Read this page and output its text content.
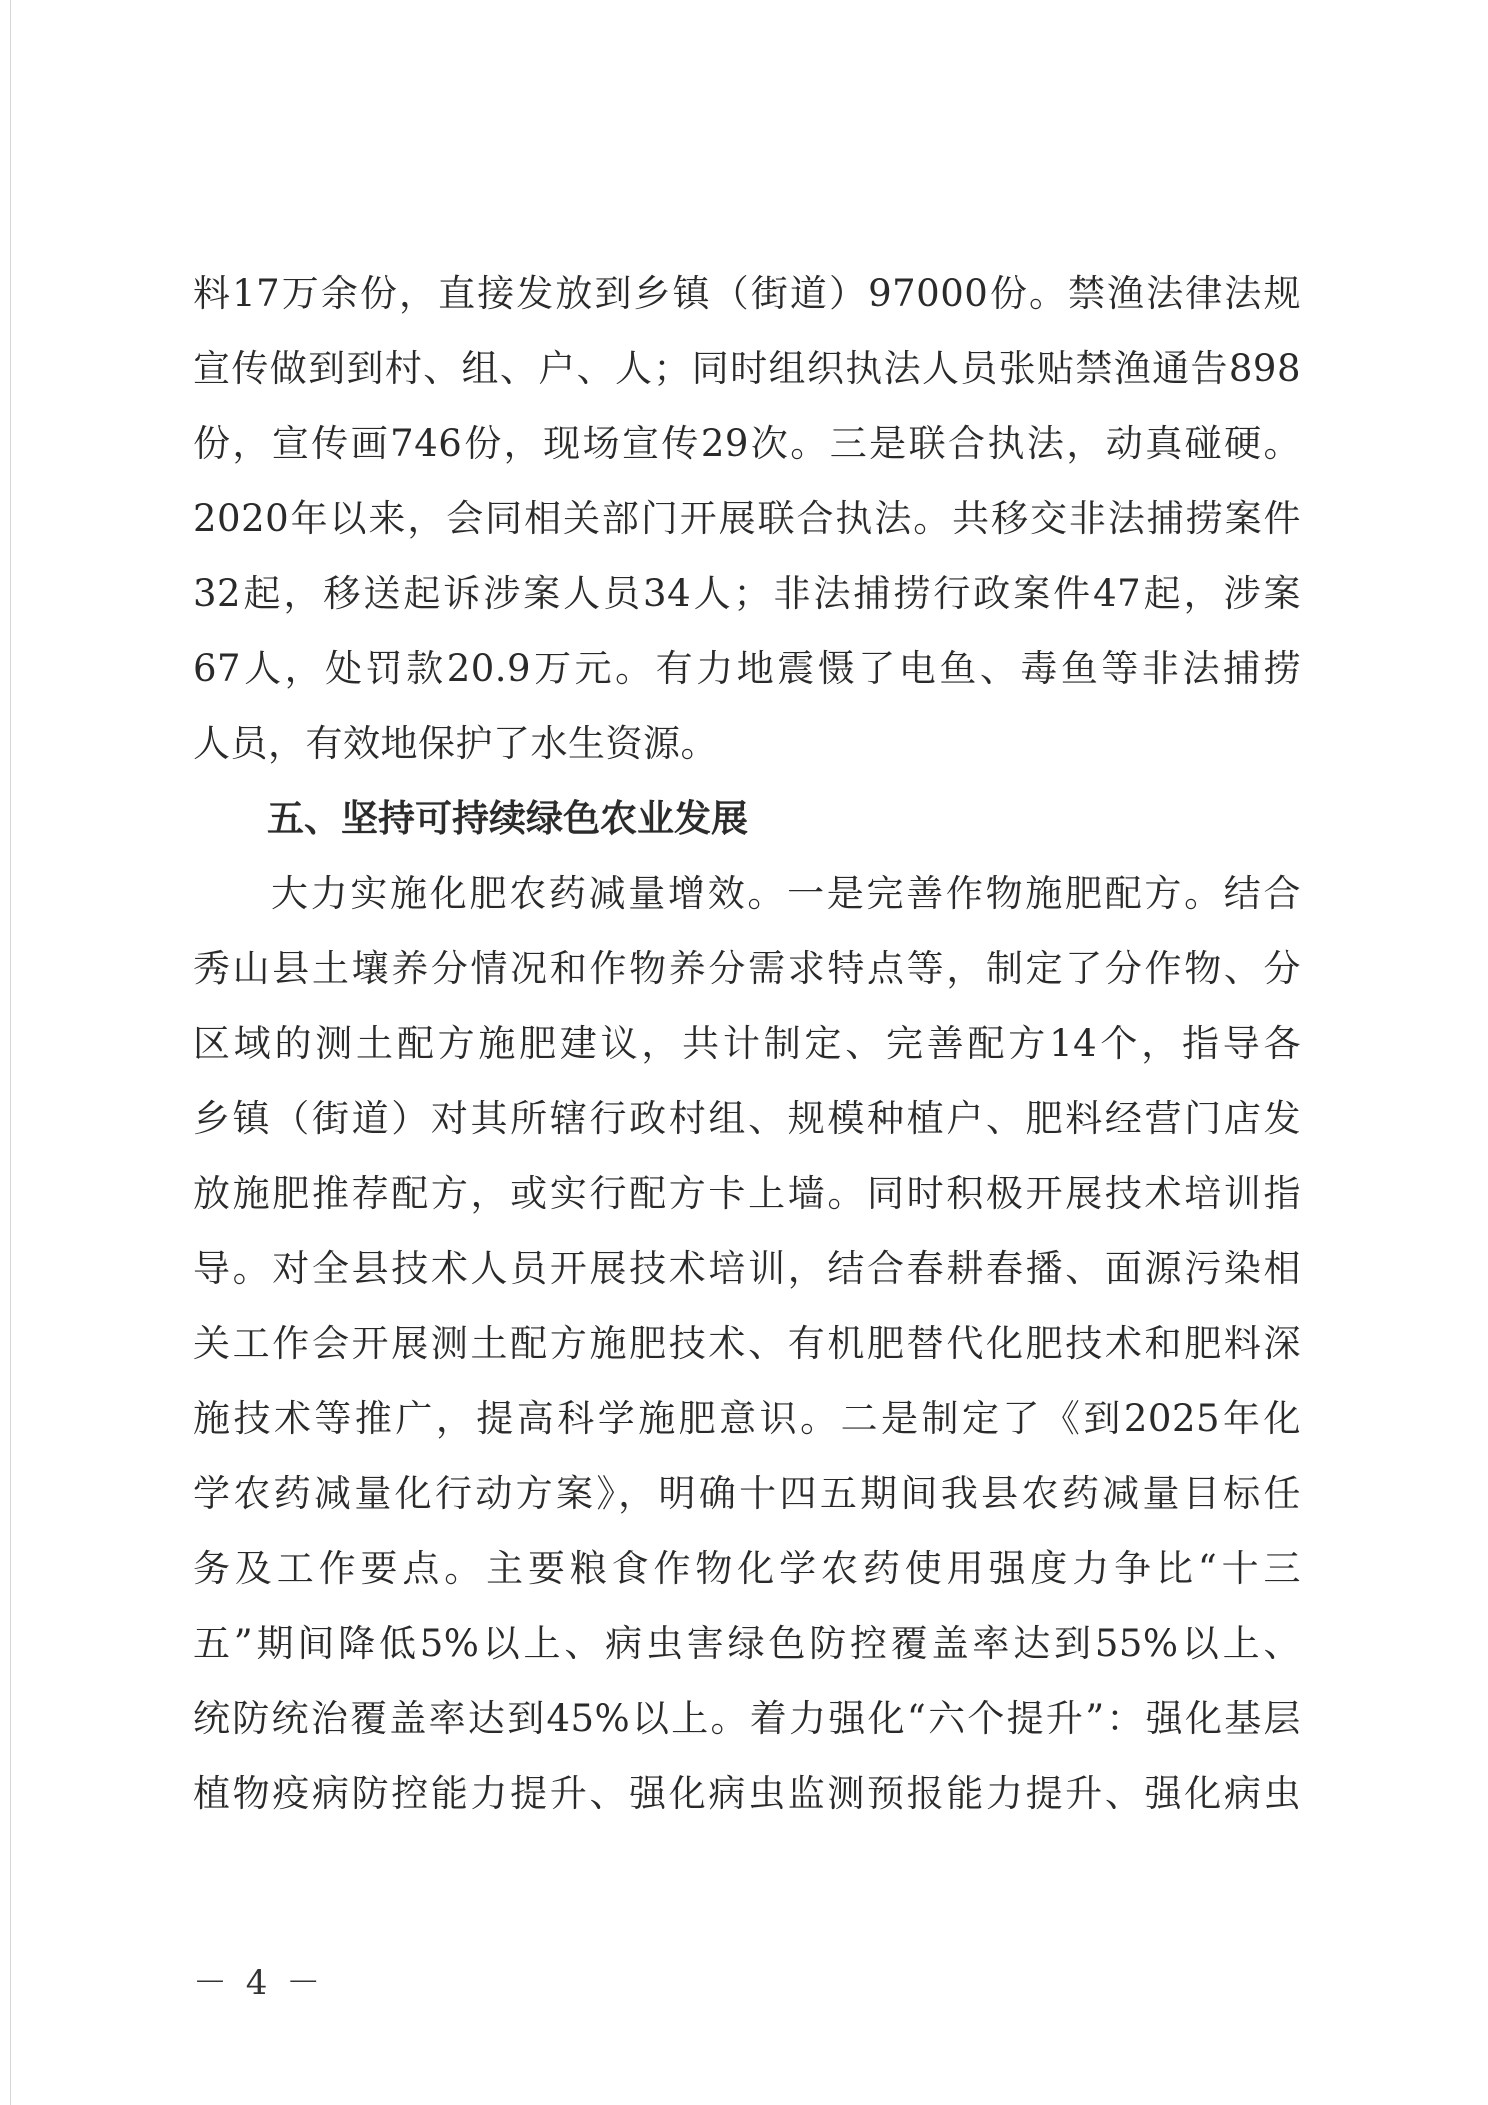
料17万余份，直接发放到乡镇（街道）97000份。禁渔法律法规
宣传做到到村、组、户、人；同时组织执法人员张贴禁渔通告898
份，宣传画746份，现场宣传29次。三是联合执法，动真碰硬。
2020年以来，会同相关部门开展联合执法。共移交非法捕捞案件
32起，移送起诉涉案人员34人；非法捕捞行政案件47起，涉案
67人，处罚款20.9万元。有力地震慑了电鱼、毒鱼等非法捕捞
人员，有效地保护了水生资源。
五、坚持可持续绿色农业发展
大力实施化肥农药减量增效。一是完善作物施肥配方。结合
秀山县土壤养分情况和作物养分需求特点等，制定了分作物、分
区域的测土配方施肥建议，共计制定、完善配方14个，指导各
乡镇（街道）对其所辖行政村组、规模种植户、肥料经营门店发
放施肥推荐配方，或实行配方卡上墙。同时积极开展技术培训指
导。对全县技术人员开展技术培训，结合春耕春播、面源污染相
关工作会开展测土配方施肥技术、有机肥替代化肥技术和肥料深
施技术等推广，提高科学施肥意识。二是制定了《到2025年化
学农药减量化行动方案》，明确十四五期间我县农药减量目标任
务及工作要点。主要粮食作物化学农药使用强度力争比“十三
五”期间降低5%以上、病虫害绿色防控覆盖率达到55%以上、
统防统治覆盖率达到45%以上。着力强化“六个提升”：强化基层
植物疫病防控能力提升、强化病虫监测预报能力提升、强化病虫
－ 4 －
